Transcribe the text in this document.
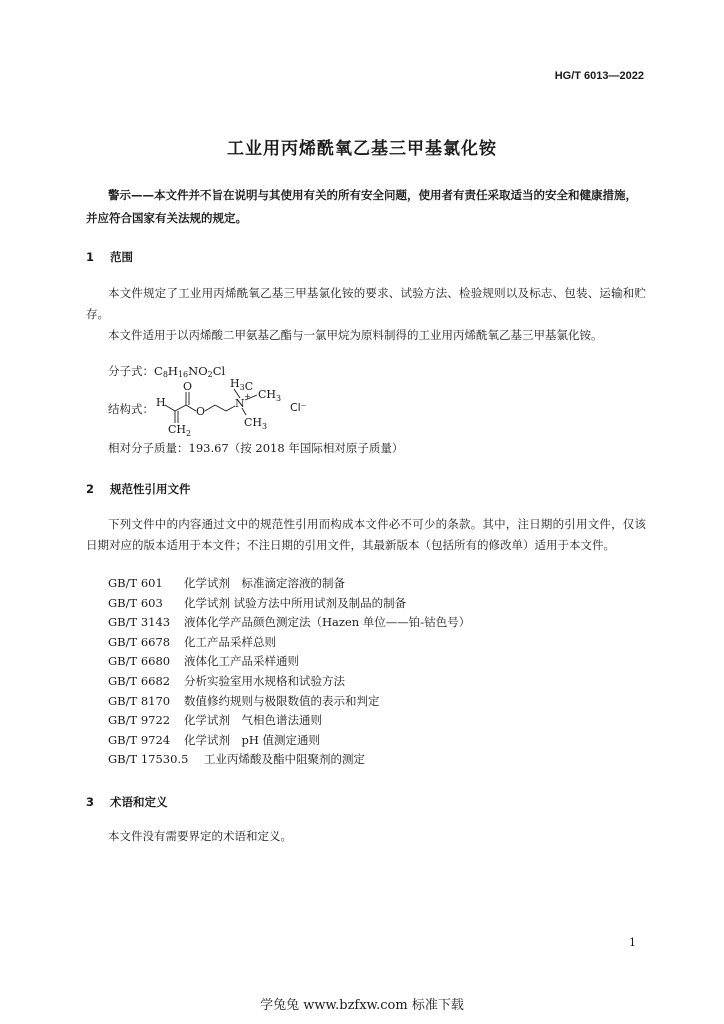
HG/T 6013—2022
工业用丙烯酰氧乙基三甲基氯化铵
警示——本文件并不旨在说明与其使用有关的所有安全问题，使用者有责任采取适当的安全和健康措施，并应符合国家有关法规的规定。
1 范围
本文件规定了工业用丙烯酰氧乙基三甲基氯化铵的要求、试验方法、检验规则以及标志、包装、运输和贮存。
本文件适用于以丙烯酸二甲氨基乙酯与一氯甲烷为原料制得的工业用丙烯酰氧乙基三甲基氯化铵。
分子式：$C_8H_{16}NO_2Cl$
结构式： H
O
O
N
+
$H_3C$
$CH_3$
$CH_3$
$CH_2$
Cl⁻
相对分子质量：193.67（按 2018 年国际相对原子质量）
2 规范性引用文件
下列文件中的内容通过文中的规范性引用而构成本文件必不可少的条款。其中，注日期的引用文件，仅该日期对应的版本适用于本文件；不注日期的引用文件，其最新版本（包括所有的修改单）适用于本文件。
GB/T 601 化学试剂　标准滴定溶液的制备
GB/T 603 化学试剂 试验方法中所用试剂及制品的制备
GB/T 3143 液体化学产品颜色测定法（Hazen 单位——铂-钴色号）
GB/T 6678 化工产品采样总则
GB/T 6680 液体化工产品采样通则
GB/T 6682 分析实验室用水规格和试验方法
GB/T 8170 数值修约规则与极限数值的表示和判定
GB/T 9722 化学试剂　气相色谱法通则
GB/T 9724 化学试剂　pH 值测定通则
GB/T 17530.5 工业丙烯酸及酯中阻聚剂的测定
3 术语和定义
本文件没有需要界定的术语和定义。
1
学兔兔 www.bzfxw.com 标准下载
